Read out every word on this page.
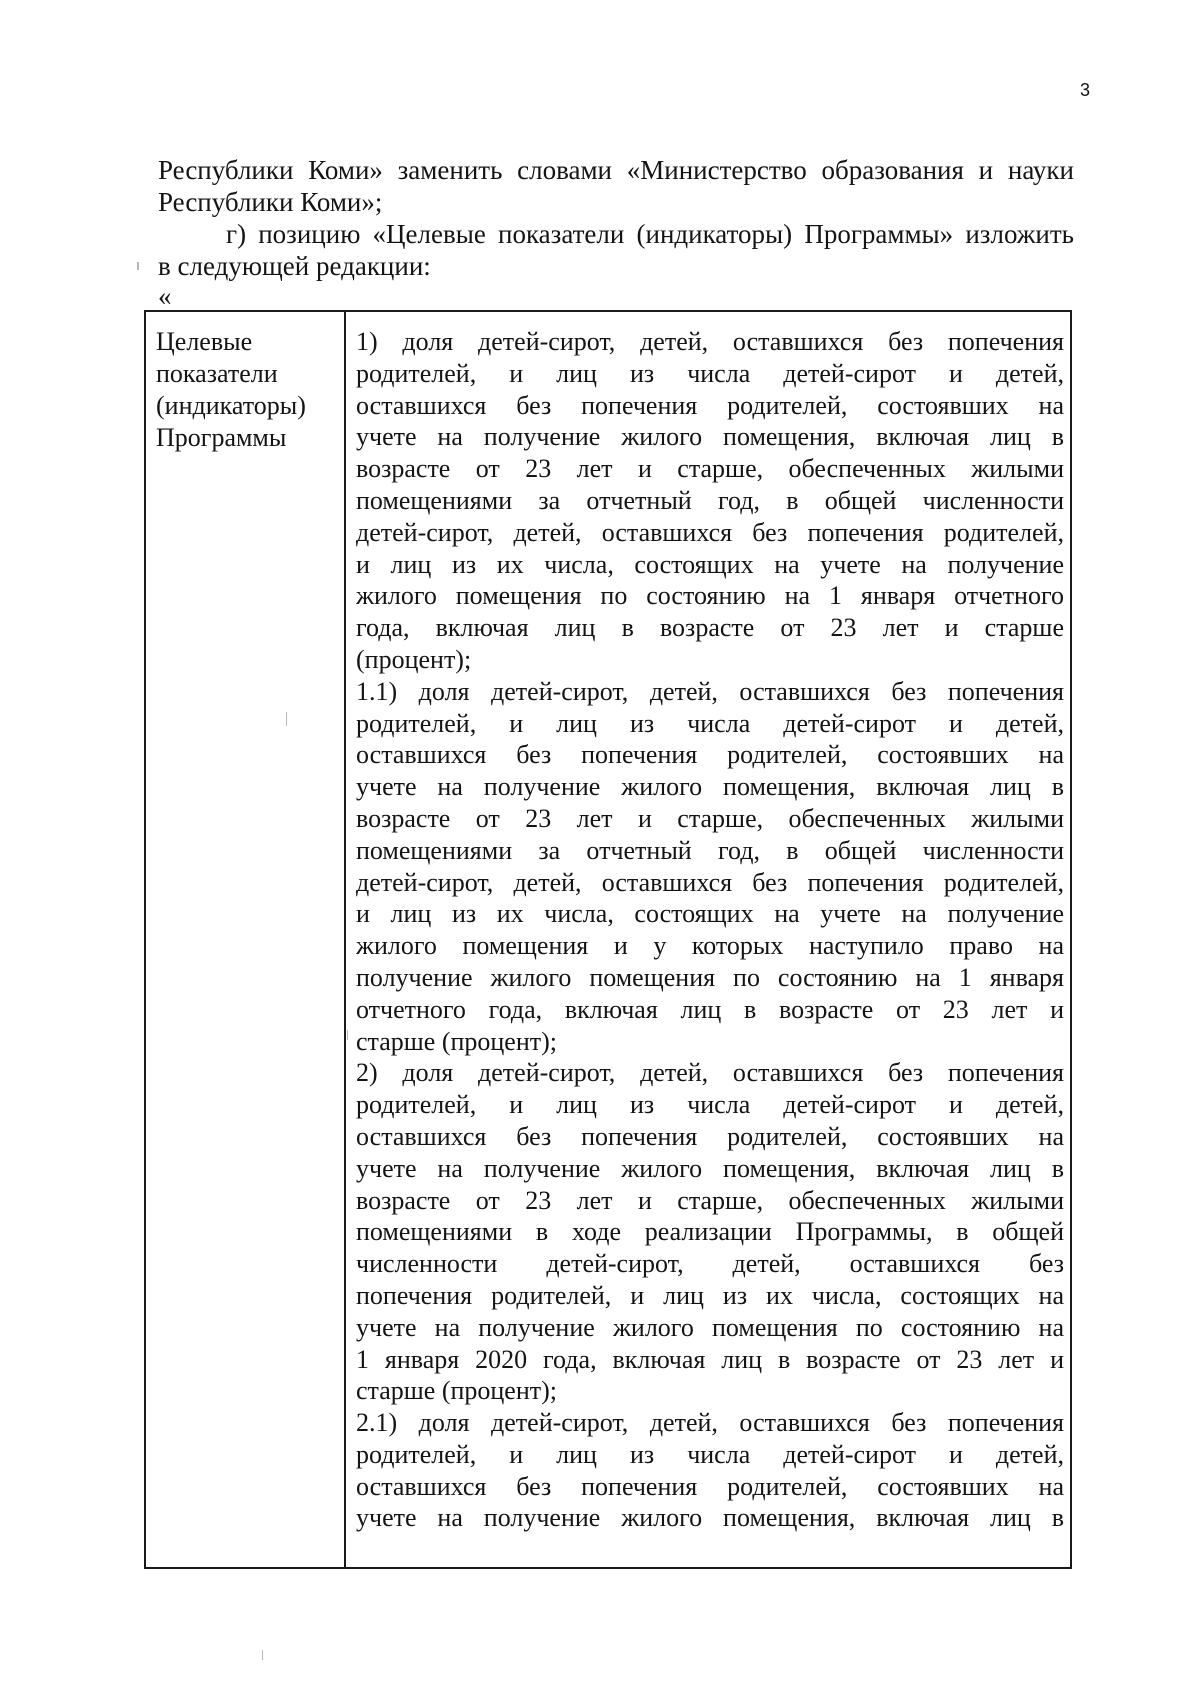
3
Республики Коми» заменить словами «Министерство образования и науки
Республики Коми»;
г) позицию «Целевые показатели (индикаторы) Программы» изложить
в следующей редакции:
«
Целевые
показатели
(индикаторы)
Программы
1) доля детей-сирот, детей, оставшихся без попечения
родителей, и лиц из числа детей-сирот и детей,
оставшихся без попечения родителей, состоявших на
учете на получение жилого помещения, включая лиц в
возрасте от 23 лет и старше, обеспеченных жилыми
помещениями за отчетный год, в общей численности
детей-сирот, детей, оставшихся без попечения родителей,
и лиц из их числа, состоящих на учете на получение
жилого помещения по состоянию на 1 января отчетного
года, включая лиц в возрасте от 23 лет и старше
(процент);
1.1) доля детей-сирот, детей, оставшихся без попечения
родителей, и лиц из числа детей-сирот и детей,
оставшихся без попечения родителей, состоявших на
учете на получение жилого помещения, включая лиц в
возрасте от 23 лет и старше, обеспеченных жилыми
помещениями за отчетный год, в общей численности
детей-сирот, детей, оставшихся без попечения родителей,
и лиц из их числа, состоящих на учете на получение
жилого помещения и у которых наступило право на
получение жилого помещения по состоянию на 1 января
отчетного года, включая лиц в возрасте от 23 лет и
старше (процент);
2) доля детей-сирот, детей, оставшихся без попечения
родителей, и лиц из числа детей-сирот и детей,
оставшихся без попечения родителей, состоявших на
учете на получение жилого помещения, включая лиц в
возрасте от 23 лет и старше, обеспеченных жилыми
помещениями в ходе реализации Программы, в общей
численности детей-сирот, детей, оставшихся без
попечения родителей, и лиц из их числа, состоящих на
учете на получение жилого помещения по состоянию на
1 января 2020 года, включая лиц в возрасте от 23 лет и
старше (процент);
2.1) доля детей-сирот, детей, оставшихся без попечения
родителей, и лиц из числа детей-сирот и детей,
оставшихся без попечения родителей, состоявших на
учете на получение жилого помещения, включая лиц в
